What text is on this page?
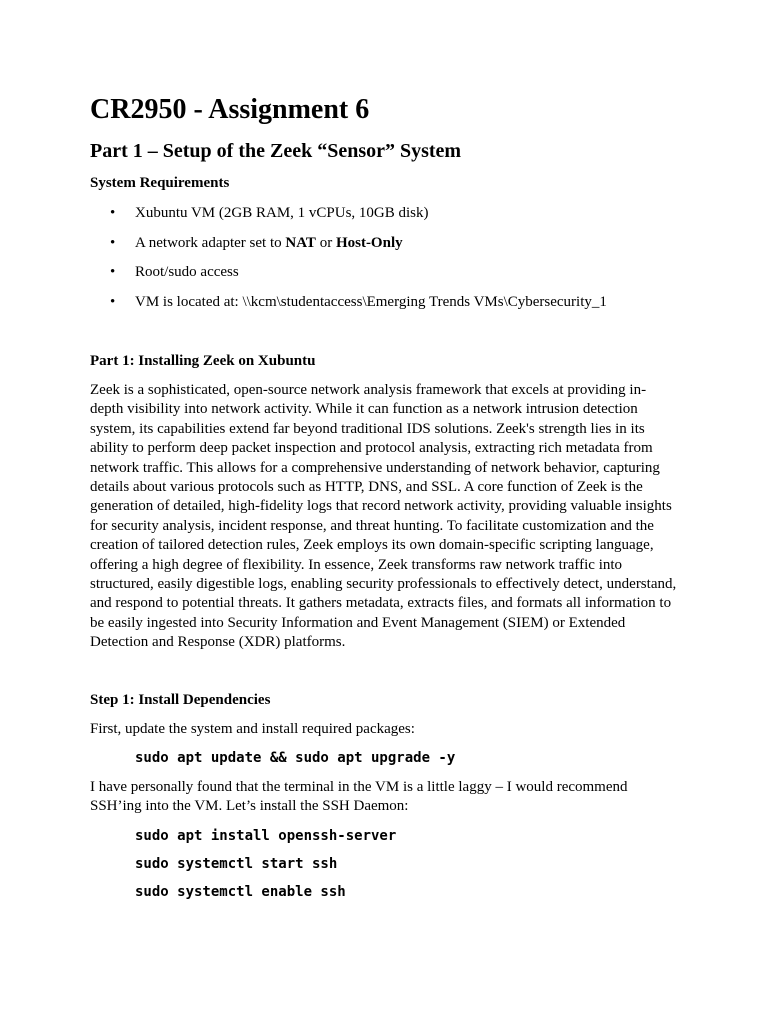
CR2950 - Assignment 6
Part 1 – Setup of the Zeek “Sensor” System
System Requirements
• Xubuntu VM (2GB RAM, 1 vCPUs, 10GB disk)
• A network adapter set to NAT or Host-Only
• Root/sudo access
• VM is located at: \\kcm\studentaccess\Emerging Trends VMs\Cybersecurity_1
Part 1: Installing Zeek on Xubuntu

Zeek is a sophisticated, open-source network analysis framework that excels at providing in-depth visibility into network activity. While it can function as a network intrusion detection system, its capabilities extend far beyond traditional IDS solutions. Zeek's strength lies in its ability to perform deep packet inspection and protocol analysis, extracting rich metadata from network traffic. This allows for a comprehensive understanding of network behavior, capturing details about various protocols such as HTTP, DNS, and SSL. A core function of Zeek is the generation of detailed, high-fidelity logs that record network activity, providing valuable insights for security analysis, incident response, and threat hunting. To facilitate customization and the creation of tailored detection rules, Zeek employs its own domain-specific scripting language, offering a high degree of flexibility. In essence, Zeek transforms raw network traffic into structured, easily digestible logs, enabling security professionals to effectively detect, understand, and respond to potential threats. It gathers metadata, extracts files, and formats all information to be easily ingested into Security Information and Event Management (SIEM) or Extended Detection and Response (XDR) platforms.

Step 1: Install Dependencies

First, update the system and install required packages:

sudo apt update && sudo apt upgrade -y

I have personally found that the terminal in the VM is a little laggy – I would recommend SSH’ing into the VM. Let’s install the SSH Daemon:

sudo apt install openssh-server
sudo systemctl start ssh
sudo systemctl enable ssh
